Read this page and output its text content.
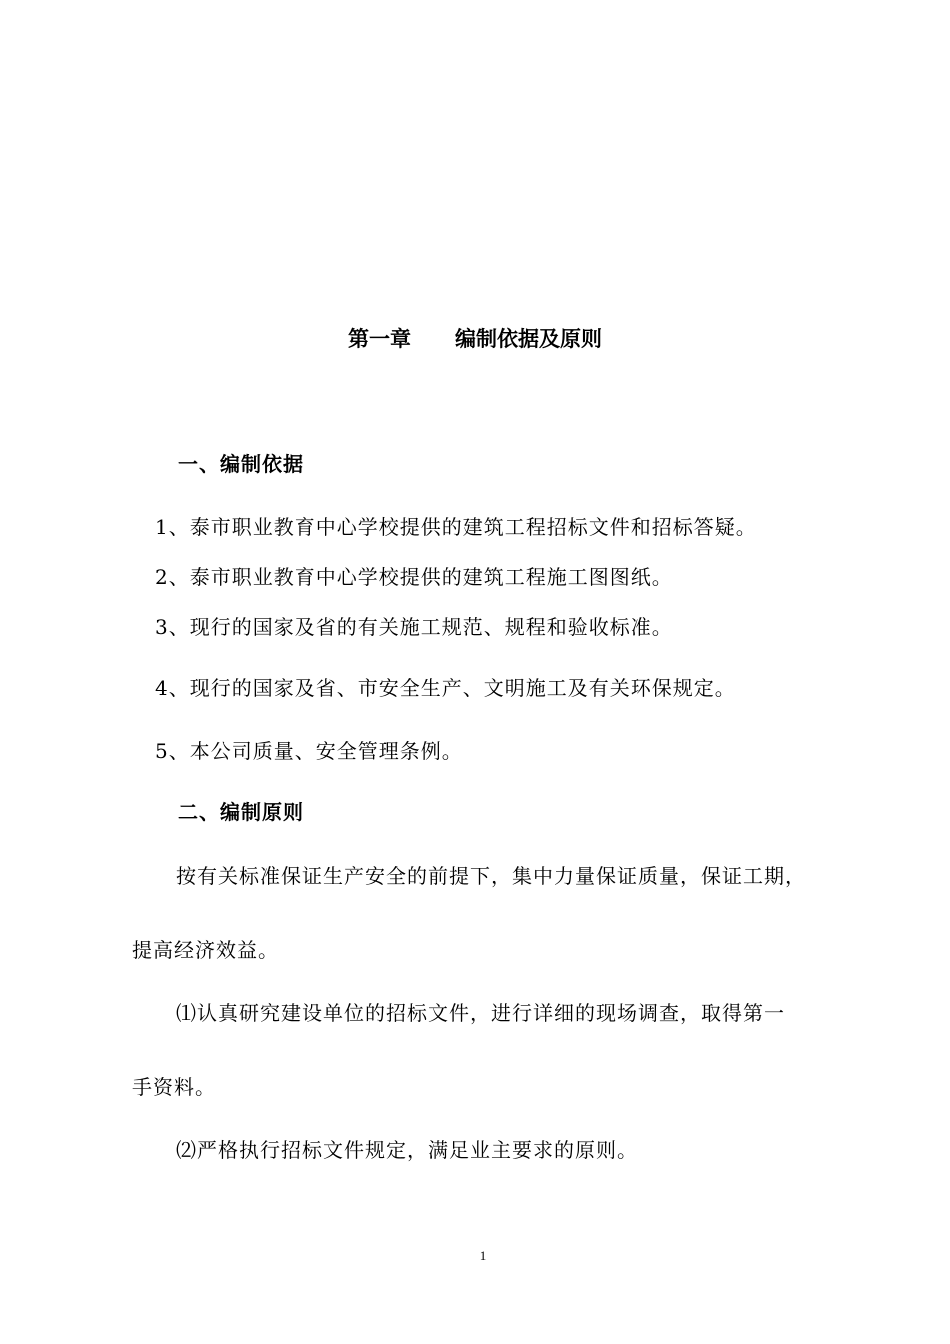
第一章 编制依据及原则
一、编制依据
1、泰市职业教育中心学校提供的建筑工程招标文件和招标答疑。
2、泰市职业教育中心学校提供的建筑工程施工图图纸。
3、现行的国家及省的有关施工规范、规程和验收标准。
4、现行的国家及省、市安全生产、文明施工及有关环保规定。
5、本公司质量、安全管理条例。
二、编制原则
按有关标准保证生产安全的前提下，集中力量保证质量，保证工期，
提高经济效益。
⑴认真研究建设单位的招标文件，进行详细的现场调查，取得第一
手资料。
⑵严格执行招标文件规定，满足业主要求的原则。
1
